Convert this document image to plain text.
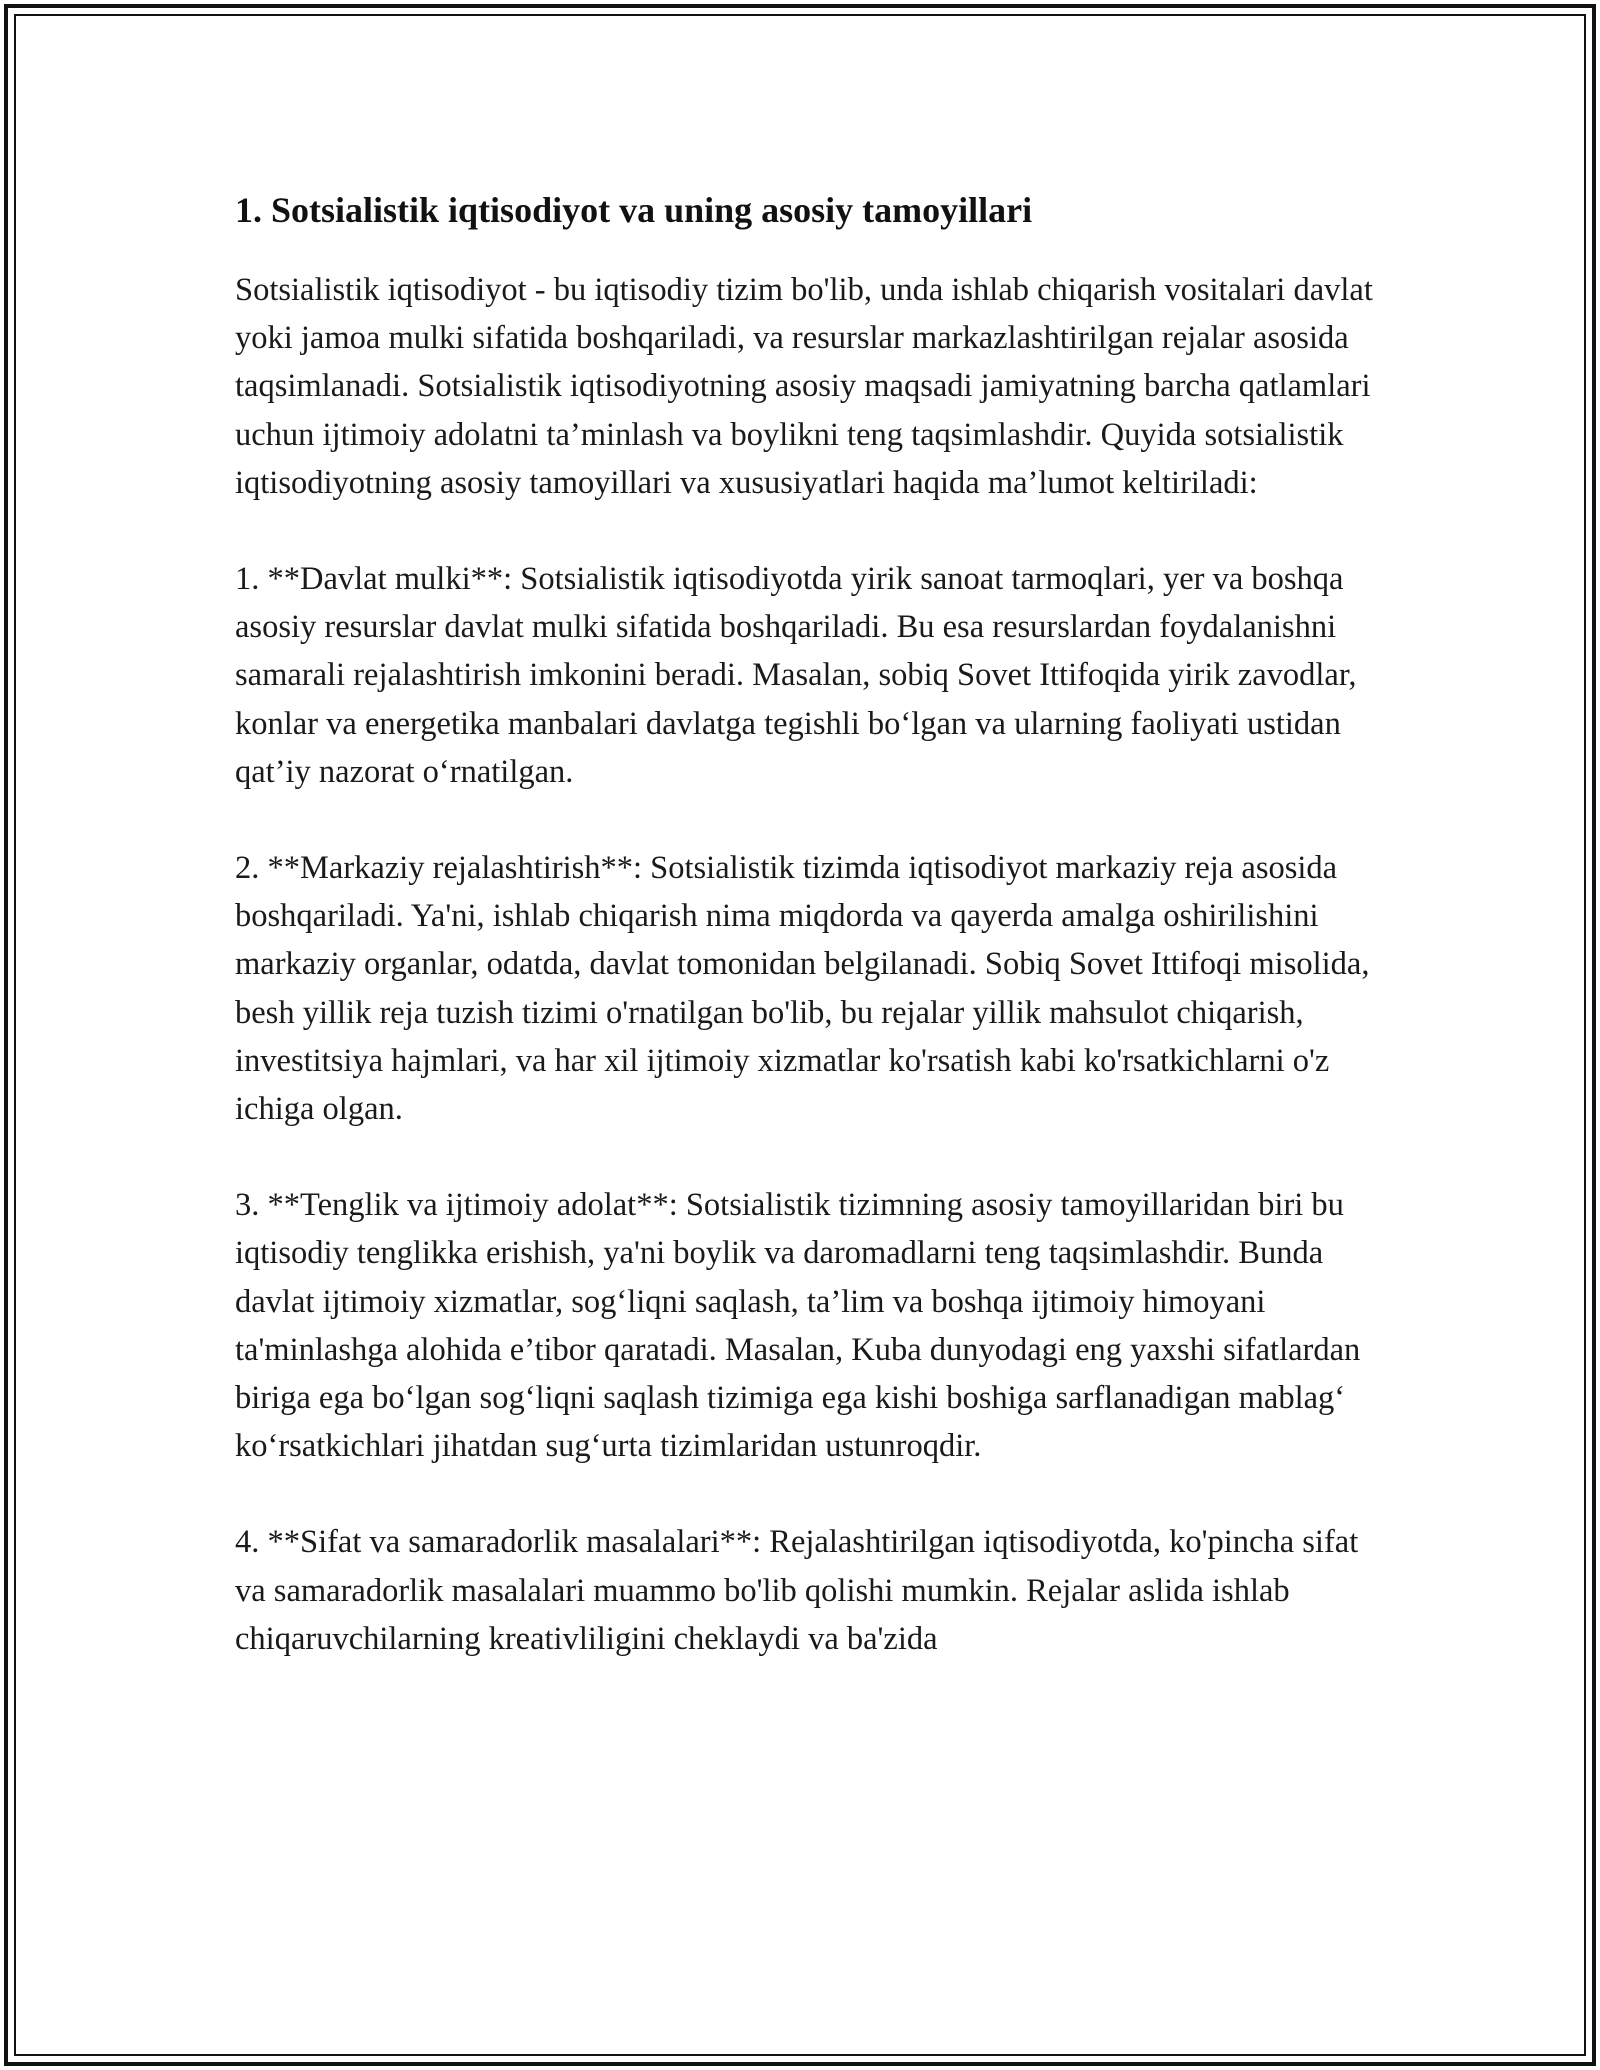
1. Sotsialistik iqtisodiyot va uning asosiy tamoyillari

Sotsialistik iqtisodiyot - bu iqtisodiy tizim bo'lib, unda ishlab chiqarish vositalari davlat yoki jamoa mulki sifatida boshqariladi, va resurslar markazlashtirilgan rejalar asosida taqsimlanadi. Sotsialistik iqtisodiyotning asosiy maqsadi jamiyatning barcha qatlamlari uchun ijtimoiy adolatni ta’minlash va boylikni teng taqsimlashdir. Quyida sotsialistik iqtisodiyotning asosiy tamoyillari va xususiyatlari haqida ma’lumot keltiriladi:

1. **Davlat mulki**: Sotsialistik iqtisodiyotda yirik sanoat tarmoqlari, yer va boshqa asosiy resurslar davlat mulki sifatida boshqariladi. Bu esa resurslardan foydalanishni samarali rejalashtirish imkonini beradi. Masalan, sobiq Sovet Ittifoqida yirik zavodlar, konlar va energetika manbalari davlatga tegishli bo‘lgan va ularning faoliyati ustidan qat’iy nazorat o‘rnatilgan.

2. **Markaziy rejalashtirish**: Sotsialistik tizimda iqtisodiyot markaziy reja asosida boshqariladi. Ya'ni, ishlab chiqarish nima miqdorda va qayerda amalga oshirilishini markaziy organlar, odatda, davlat tomonidan belgilanadi. Sobiq Sovet Ittifoqi misolida, besh yillik reja tuzish tizimi o'rnatilgan bo'lib, bu rejalar yillik mahsulot chiqarish, investitsiya hajmlari, va har xil ijtimoiy xizmatlar ko'rsatish kabi ko'rsatkichlarni o'z ichiga olgan.

3. **Tenglik va ijtimoiy adolat**: Sotsialistik tizimning asosiy tamoyillaridan biri bu iqtisodiy tenglikka erishish, ya'ni boylik va daromadlarni teng taqsimlashdir. Bunda davlat ijtimoiy xizmatlar, sog‘liqni saqlash, ta’lim va boshqa ijtimoiy himoyani ta'minlashga alohida e’tibor qaratadi. Masalan, Kuba dunyodagi eng yaxshi sifatlardan biriga ega bo‘lgan sog‘liqni saqlash tizimiga ega kishi boshiga sarflanadigan mablag‘ ko‘rsatkichlari jihatdan sug‘urta tizimlaridan ustunroqdir.

4. **Sifat va samaradorlik masalalari**: Rejalashtirilgan iqtisodiyotda, ko'pincha sifat va samaradorlik masalalari muammo bo'lib qolishi mumkin. Rejalar aslida ishlab chiqaruvchilarning kreativliligini cheklaydi va ba'zida
